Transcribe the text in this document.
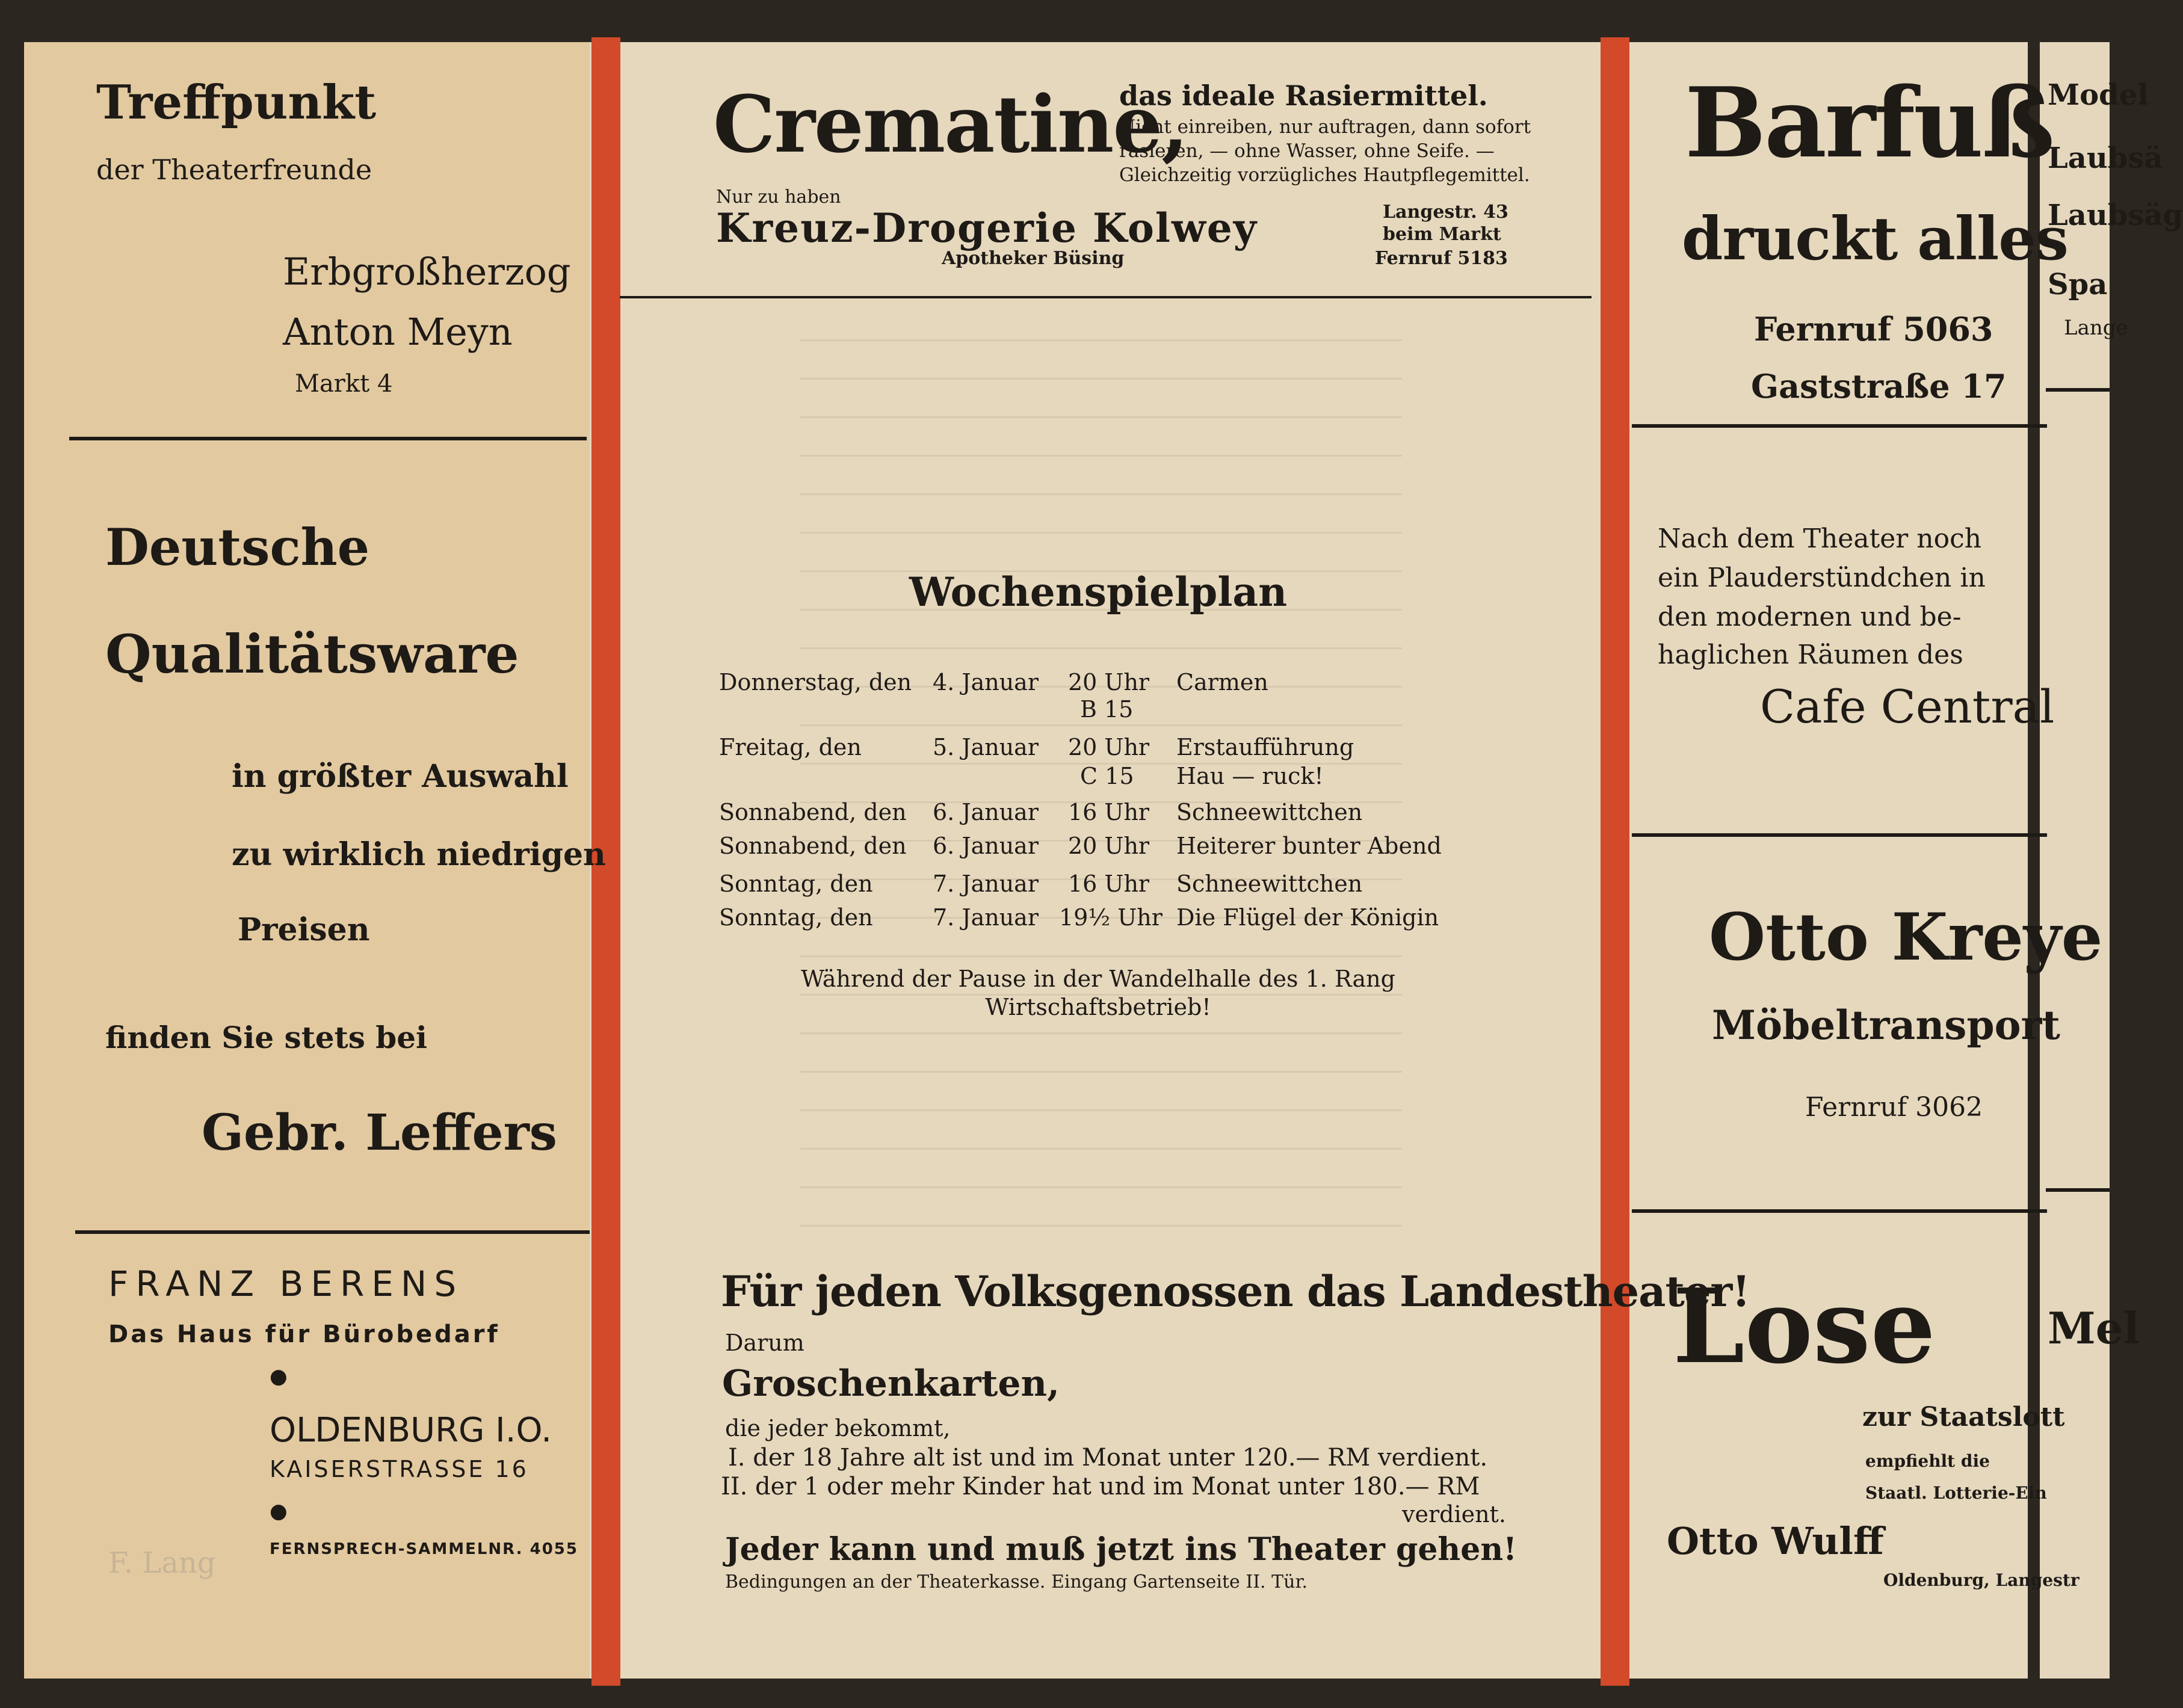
Treffpunkt
der Theaterfreunde
Erbgroßherzog
Anton Meyn
Markt 4
Deutsche
Qualitätsware
in größter Auswahl
zu wirklich niedrigen
Preisen
finden Sie stets bei
Gebr. Leffers
FRANZ BERENS
Das Haus für Bürobedarf
●
OLDENBURG I.O.
KAISERSTRASSE 16
●
FERNSPRECH-SAMMELNR. 4055
F. Lang
Crematine,
das ideale Rasiermittel.
Nicht einreiben, nur auftragen, dann sofort
rasieren, — ohne Wasser, ohne Seife. —
Gleichzeitig vorzügliches Hautpflegemittel.
Nur zu haben
Kreuz-Drogerie Kolwey
Apotheker Büsing
Langestr. 43
beim Markt
Fernruf 5183
Wochenspielplan
Donnerstag, den 4. Januar 20 Uhr Carmen
B 15
Freitag, den	5. Januar 20 Uhr Erstaufführung
C 15 Hau — ruck!
Sonnabend, den 6. Januar 16 Uhr Schneewittchen
Sonnabend, den 6. Januar 20 Uhr Heiterer bunter Abend
Sonntag, den	7. Januar 16 Uhr Schneewittchen
Sonntag, den	7. Januar 19½ Uhr Die Flügel der Königin
Während der Pause in der Wandelhalle des 1. Rang
Wirtschaftsbetrieb!
Für jeden Volksgenossen das Landestheater!
Darum
Groschenkarten,
die jeder bekommt,
I. der 18 Jahre alt ist und im Monat unter 120.— RM verdient.
II. der 1 oder mehr Kinder hat und im Monat unter 180.— RM
verdient.
Jeder kann und muß jetzt ins Theater gehen!
Bedingungen an der Theaterkasse. Eingang Gartenseite II. Tür.
Barfuß
druckt alles
Fernruf 5063
Gaststraße 17
Nach dem Theater noch
ein Plauderstündchen in
den modernen und be-
haglichen Räumen des
Cafe Central
Otto Kreye
Möbeltransport
Fernruf 3062
Lose
zur Staatslott
empfiehlt die
Staatl. Lotterie-Ein
Otto Wulff
Oldenburg, Langestr
Model
Laubsä
Laubsäg
Spa
Lange
Mel
